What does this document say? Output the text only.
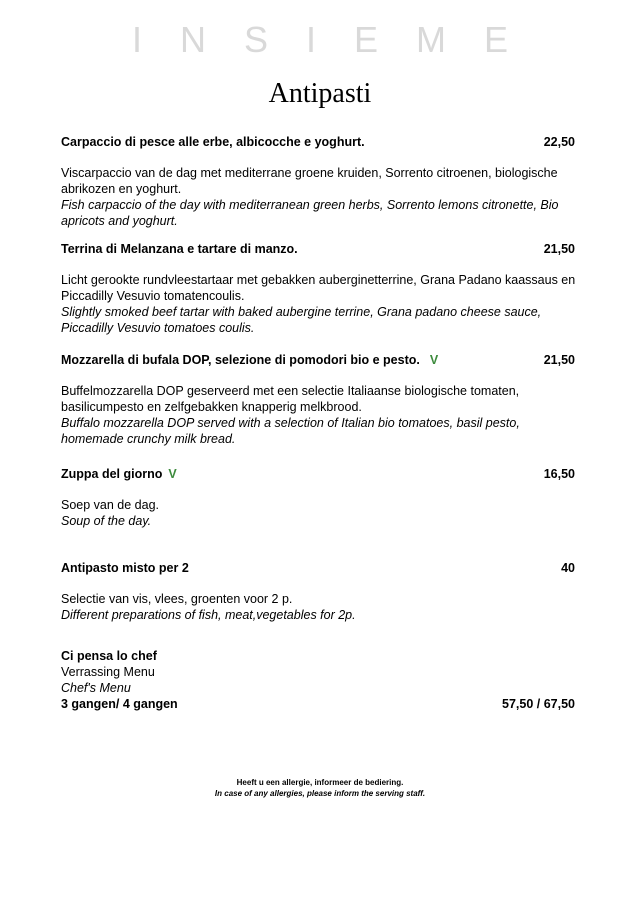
INSIEME
Antipasti
Carpaccio di pesce alle erbe, albicocche e yoghurt.	22,50
Viscarpaccio van de dag met mediterrane groene kruiden, Sorrento citroenen, biologische abrikozen en yoghurt.
Fish carpaccio of the day with mediterranean green herbs, Sorrento lemons citronette, Bio apricots and yoghurt.
Terrina di Melanzana e tartare di manzo.	21,50
Licht gerookte rundvleestartaar met gebakken auberginetterrine, Grana Padano kaassaus en Piccadilly Vesuvio tomatencoulis.
Slightly smoked beef tartar with baked aubergine terrine, Grana padano cheese sauce, Piccadilly Vesuvio tomatoes coulis.
Mozzarella di bufala DOP, selezione di pomodori bio e pesto. V	21,50
Buffelmozzarella DOP geserveerd met een selectie Italiaanse biologische tomaten, basilicumpesto en zelfgebakken knapperig melkbrood.
Buffalo mozzarella DOP served with a selection of Italian bio tomatoes, basil pesto, homemade crunchy milk bread.
Zuppa del giorno V	16,50
Soep van de dag.
Soup of the day.
Antipasto misto per 2	40
Selectie van vis, vlees, groenten voor 2 p.
Different preparations of fish, meat,vegetables for 2p.
Ci pensa lo chef
Verrassing Menu
Chef's Menu
3 gangen/ 4 gangen	57,50 / 67,50
Heeft u een allergie, informeer de bediering.
In case of any allergies, please inform the serving staff.
